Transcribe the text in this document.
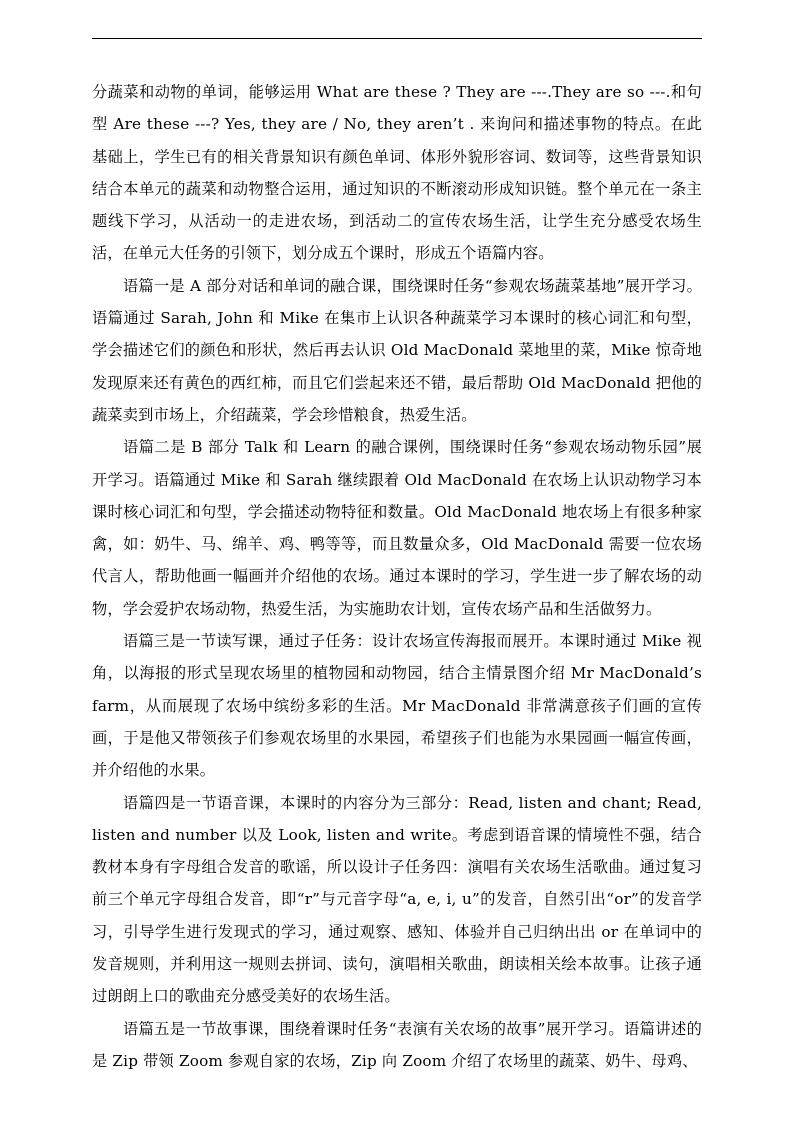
分蔬菜和动物的单词，能够运用 What are these ? They are ---.They are so ---.和句型 Are these ---? Yes, they are / No, they aren’t . 来询问和描述事物的特点。在此基础上，学生已有的相关背景知识有颜色单词、体形外貌形容词、数词等，这些背景知识结合本单元的蔬菜和动物整合运用，通过知识的不断滚动形成知识链。整个单元在一条主题线下学习，从活动一的走进农场，到活动二的宣传农场生活，让学生充分感受农场生活，在单元大任务的引领下，划分成五个课时，形成五个语篇内容。

语篇一是 A 部分对话和单词的融合课，围绕课时任务“参观农场蔬菜基地”展开学习。语篇通过 Sarah, John 和 Mike 在集市上认识各种蔬菜学习本课时的核心词汇和句型，学会描述它们的颜色和形状，然后再去认识 Old MacDonald 菜地里的菜，Mike 惊奇地发现原来还有黄色的西红柿，而且它们尝起来还不错，最后帮助 Old MacDonald 把他的蔬菜卖到市场上，介绍蔬菜，学会珍惜粮食，热爱生活。

语篇二是 B 部分 Talk 和 Learn 的融合课例，围绕课时任务“参观农场动物乐园”展开学习。语篇通过 Mike 和 Sarah 继续跟着 Old MacDonald 在农场上认识动物学习本课时核心词汇和句型，学会描述动物特征和数量。Old MacDonald 地农场上有很多种家禽，如：奶牛、马、绵羊、鸡、鸭等等，而且数量众多，Old MacDonald 需要一位农场代言人，帮助他画一幅画并介绍他的农场。通过本课时的学习，学生进一步了解农场的动物，学会爱护农场动物，热爱生活，为实施助农计划，宣传农场产品和生活做努力。

语篇三是一节读写课，通过子任务：设计农场宣传海报而展开。本课时通过 Mike 视角，以海报的形式呈现农场里的植物园和动物园，结合主情景图介绍 Mr MacDonald’s farm，从而展现了农场中缤纷多彩的生活。Mr MacDonald 非常满意孩子们画的宣传画，于是他又带领孩子们参观农场里的水果园，希望孩子们也能为水果园画一幅宣传画，并介绍他的水果。

语篇四是一节语音课，本课时的内容分为三部分：Read, listen and chant; Read, listen and number 以及 Look, listen and write。考虑到语音课的情境性不强，结合教材本身有字母组合发音的歌谣，所以设计子任务四：演唱有关农场生活歌曲。通过复习前三个单元字母组合发音，即“r”与元音字母“a, e, i, u”的发音，自然引出“or”的发音学习，引导学生进行发现式的学习，通过观察、感知、体验并自己归纳出出 or 在单词中的发音规则，并利用这一规则去拼词、读句，演唱相关歌曲，朗读相关绘本故事。让孩子通过朗朗上口的歌曲充分感受美好的农场生活。

语篇五是一节故事课，围绕着课时任务“表演有关农场的故事”展开学习。语篇讲述的是 Zip 带领 Zoom 参观自家的农场，Zip 向 Zoom 介绍了农场里的蔬菜、奶牛、母鸡、
